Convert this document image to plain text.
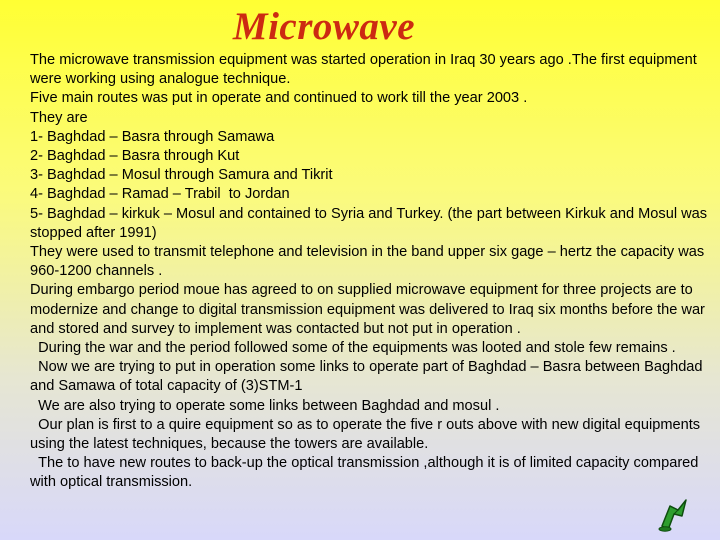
Microwave

The microwave transmission equipment was started operation in Iraq 30 years ago .The first equipment were working using analogue technique.

Five main routes was put in operate and continued to work till the year 2003 .

They are

1- Baghdad – Basra through Samawa

2- Baghdad – Basra through Kut

3- Baghdad – Mosul through Samura and Tikrit

4- Baghdad – Ramad – Trabil  to Jordan

5- Baghdad – kirkuk – Mosul and contained to Syria and Turkey. (the part between Kirkuk and Mosul was stopped after 1991)

They were used to transmit telephone and television in the band upper six gage – hertz the capacity was 960-1200 channels .

During embargo period moue has agreed to on supplied microwave equipment for three projects are to modernize and change to digital transmission equipment was delivered to Iraq six months before the war and stored and survey to implement was contacted but not put in operation .

During the war and the period followed some of the equipments was looted and stole few remains .

Now we are trying to put in operation some links to operate part of Baghdad – Basra between Baghdad and Samawa of total capacity of (3)STM-1

We are also trying to operate some links between Baghdad and mosul .

Our plan is first to a quire equipment so as to operate the five r outs above with new digital equipments using the latest techniques, because the towers are available.

The to have new routes to back-up the optical transmission ,although it is of limited capacity compared with optical transmission.
